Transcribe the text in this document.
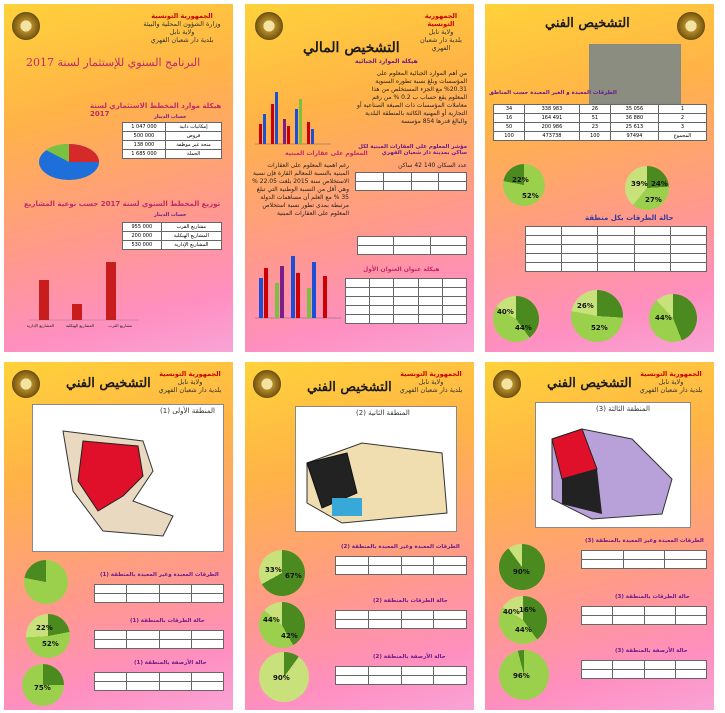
الجمهورية التونسية
وزارة الشؤون المحلية والبيئة
ولاية نابل
بلدية دار شعبان الفهري
البرنامج السنوي للإستثمار لسنة 2017
هيكلة موارد المخطط الاستثماري لسنة 2017	حساب الدينار
1 047 000	إمكانيات ذاتية
500 000	قروض
138 000	منحة غير موظفة
1 685 000	الجملة
توزيع المخطط السنوي لسنة 2017 حسب نوعية المشاريع
حساب الدينار
955 000	مشاريع القرب
200 000	المشاريع الهيكلية
530 000	المشاريع الإدارية
المشاريع الإدارية	المشاريع الهيكلية	مشاريع القرب
الجمهورية التونسية
ولاية نابل
بلدية دار شعبان الفهري
التشخيص المالي
هيكلة الموارد الجبائية
من أهم الموارد الجبائية المعلوم على المؤسسات وبلغ نسبة تطوره السنوية 20.31% مع الجزء المستخلص من هذا المعلوم يقع حساب ب 0.2 % من رقم معاملات المؤسسات ذات الصبغة الصناعية أو التجارية أو المهنية الكائنة بالمنطقة البلدية والبالغ قدرها 854 مؤسسة
مؤشر المعلوم على العقارات المبنية لكل ساكن بمدينة دار شعبان الفهري
عدد السكان 140 42 ساكن
المعلوم على عقارات المبنية
رغم أهمية المعلوم على العقارات المبنية بالنسبة للمعالم القارة فإن نسبة الاستخلاص سنة 2015 بلغت 22.05 % وهي أقل من النسبة الوطنية التي تبلغ 35 % مع العلم أن مساهمات الدولة مرتبطة بمدى تطور نسبة استخلاص المعلوم على العقارات المبنية

هيكلة عنوان العنوان الأول

التشخيص الفني
الطرقات المعبدة و الغير المعبدة حسب المناطق
34	338 983	26	35 056	1
16	164 491	51	36 880	2
50	200 986	23	25 613	3
100	473738	100	97494	المجموع
22%
52%
39% 24%
27%
حالة الطرقات بكل منطقة

40%
44%
26%
52%
44%
الجمهورية التونسية
ولاية نابل
بلدية دار شعبان الفهري
التشخيص الفني
المنطقة الأولى (1)
الطرقات المعبدة وغير المعبدة بالمنطقة (1)

22%
52%
حالة الطرقات بالمنطقة (1)

75%
حالة الأرصفة بالمنطقة (1)

الجمهورية التونسية
ولاية نابل
بلدية دار شعبان الفهري
التشخيص الفني
المنطقة الثانية (2)
33%
67%
الطرقات المعبدة وغير المعبدة بالمنطقة (2)

44%
42%
حالة الطرقات بالمنطقة (2)

90%
حالة الأرصفة بالمنطقة (2)

الجمهورية التونسية
ولاية نابل
بلدية دار شعبان الفهري
التشخيص الفني
المنطقة الثالثة (3)
90%
الطرقات المعبدة وغير المعبدة بالمنطقة (3)

40% 16%
44%
حالة الطرقات بالمنطقة (3)

96%
حالة الأرصفة بالمنطقة (3)
